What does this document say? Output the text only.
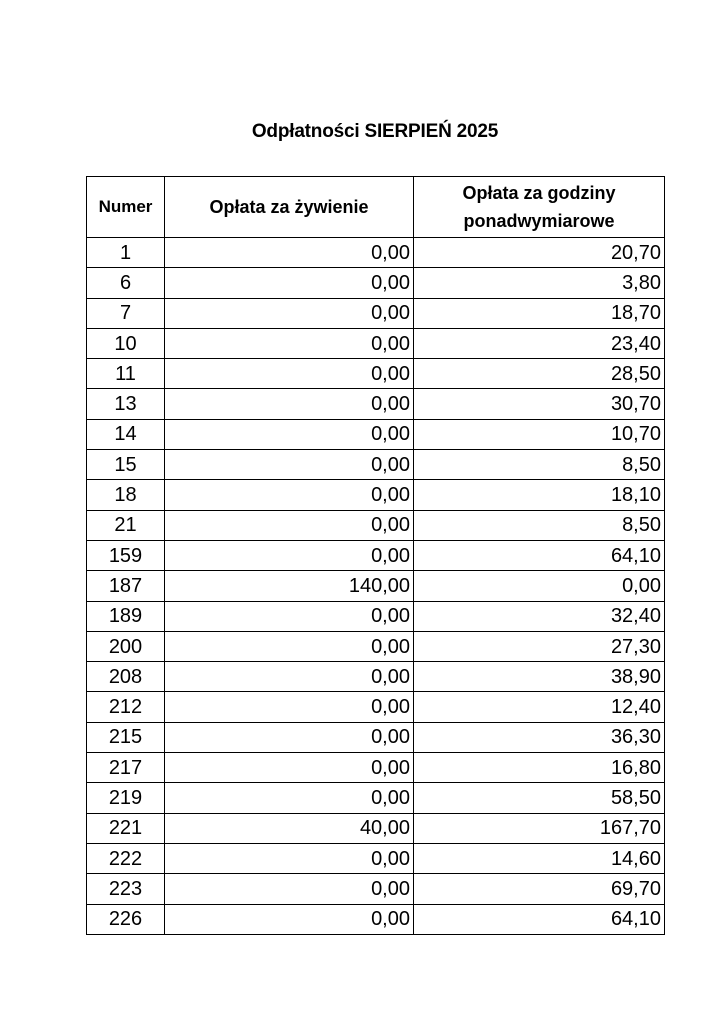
Odpłatności SIERPIEŃ 2025
Numer	Opłata za żywienie	Opłata za godziny
ponadwymiarowe
1	0,00	20,70
6	0,00	3,80
7	0,00	18,70
10	0,00	23,40
11	0,00	28,50
13	0,00	30,70
14	0,00	10,70
15	0,00	8,50
18	0,00	18,10
21	0,00	8,50
159	0,00	64,10
187	140,00	0,00
189	0,00	32,40
200	0,00	27,30
208	0,00	38,90
212	0,00	12,40
215	0,00	36,30
217	0,00	16,80
219	0,00	58,50
221	40,00	167,70
222	0,00	14,60
223	0,00	69,70
226	0,00	64,10
